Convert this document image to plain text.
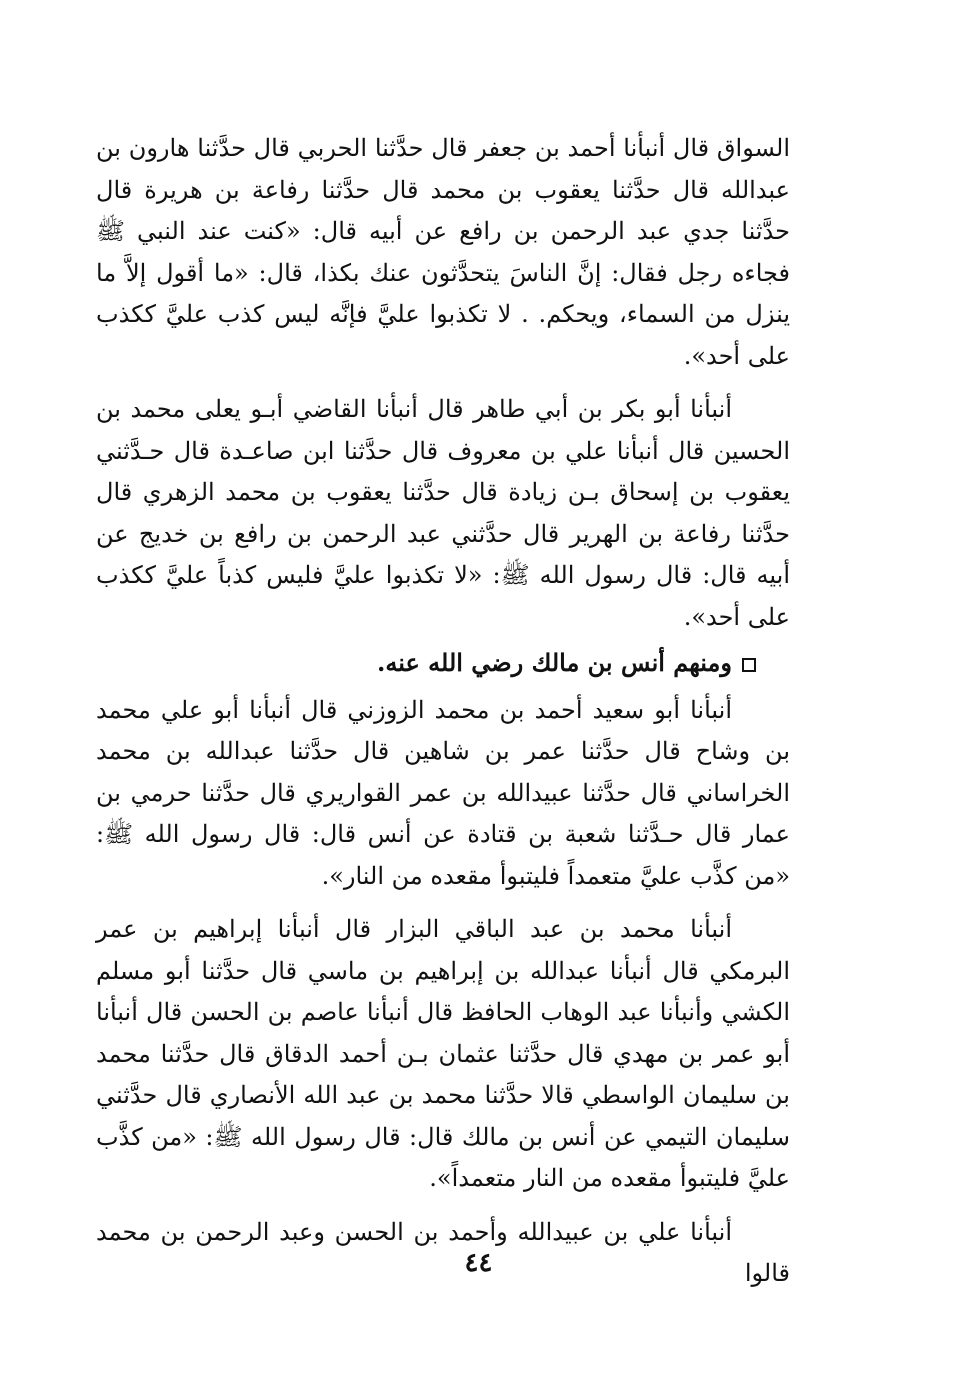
السواق قال أنبأنا أحمد بن جعفر قال حدَّثنا الحربي قال حدَّثنا هارون بن عبدالله قال حدَّثنا يعقوب بن محمد قال حدَّثنا رفاعة بن هريرة قال حدَّثنا جدي عبد الرحمن بن رافع عن أبيه قال: «كنت عند النبي ﷺ فجاءه رجل فقال: إنَّ الناسَ يتحدَّثون عنك بكذا، قال: «ما أقول إلاَّ ما ينزل من السماء، ويحكم. . لا تكذبوا عليَّ فإنَّه ليس كذب عليَّ ككذب على أحد».

أنبأنا أبو بكر بن أبي طاهر قال أنبأنا القاضي أبـو يعلى محمد بن الحسين قال أنبأنا علي بن معروف قال حدَّثنا ابن صاعـدة قال حـدَّثني يعقوب بن إسحاق بـن زيادة قال حدَّثنا يعقوب بن محمد الزهري قال حدَّثنا رفاعة بن الهرير قال حدَّثني عبد الرحمن بن رافع بن خديج عن أبيه قال: قال رسول الله ﷺ: «لا تكذبوا عليَّ فليس كذباً عليَّ ككذب على أحد».

ومنهم أنس بن مالك رضي الله عنه.

أنبأنا أبو سعيد أحمد بن محمد الزوزني قال أنبأنا أبو علي محمد بن وشاح قال حدَّثنا عمر بن شاهين قال حدَّثنا عبدالله بن محمد الخراساني قال حدَّثنا عبيدالله بن عمر القواريري قال حدَّثنا حرمي بن عمار قال حـدَّثنا شعبة بن قتادة عن أنس قال: قال رسول الله ﷺ: «من كذَّب عليَّ متعمداً فليتبوأ مقعده من النار».

أنبأنا محمد بن عبد الباقي البزار قال أنبأنا إبراهيم بن عمر البرمكي قال أنبأنا عبدالله بن إبراهيم بن ماسي قال حدَّثنا أبو مسلم الكشي وأنبأنا عبد الوهاب الحافظ قال أنبأنا عاصم بن الحسن قال أنبأنا أبو عمر بن مهدي قال حدَّثنا عثمان بـن أحمد الدقاق قال حدَّثنا محمد بن سليمان الواسطي قالا حدَّثنا محمد بن عبد الله الأنصاري قال حدَّثني سليمان التيمي عن أنس بن مالك قال: قال رسول الله ﷺ: «من كذَّب عليَّ فليتبوأ مقعده من النار متعمداً».

أنبأنا علي بن عبيدالله وأحمد بن الحسن وعبد الرحمن بن محمد قالوا

٤٤
